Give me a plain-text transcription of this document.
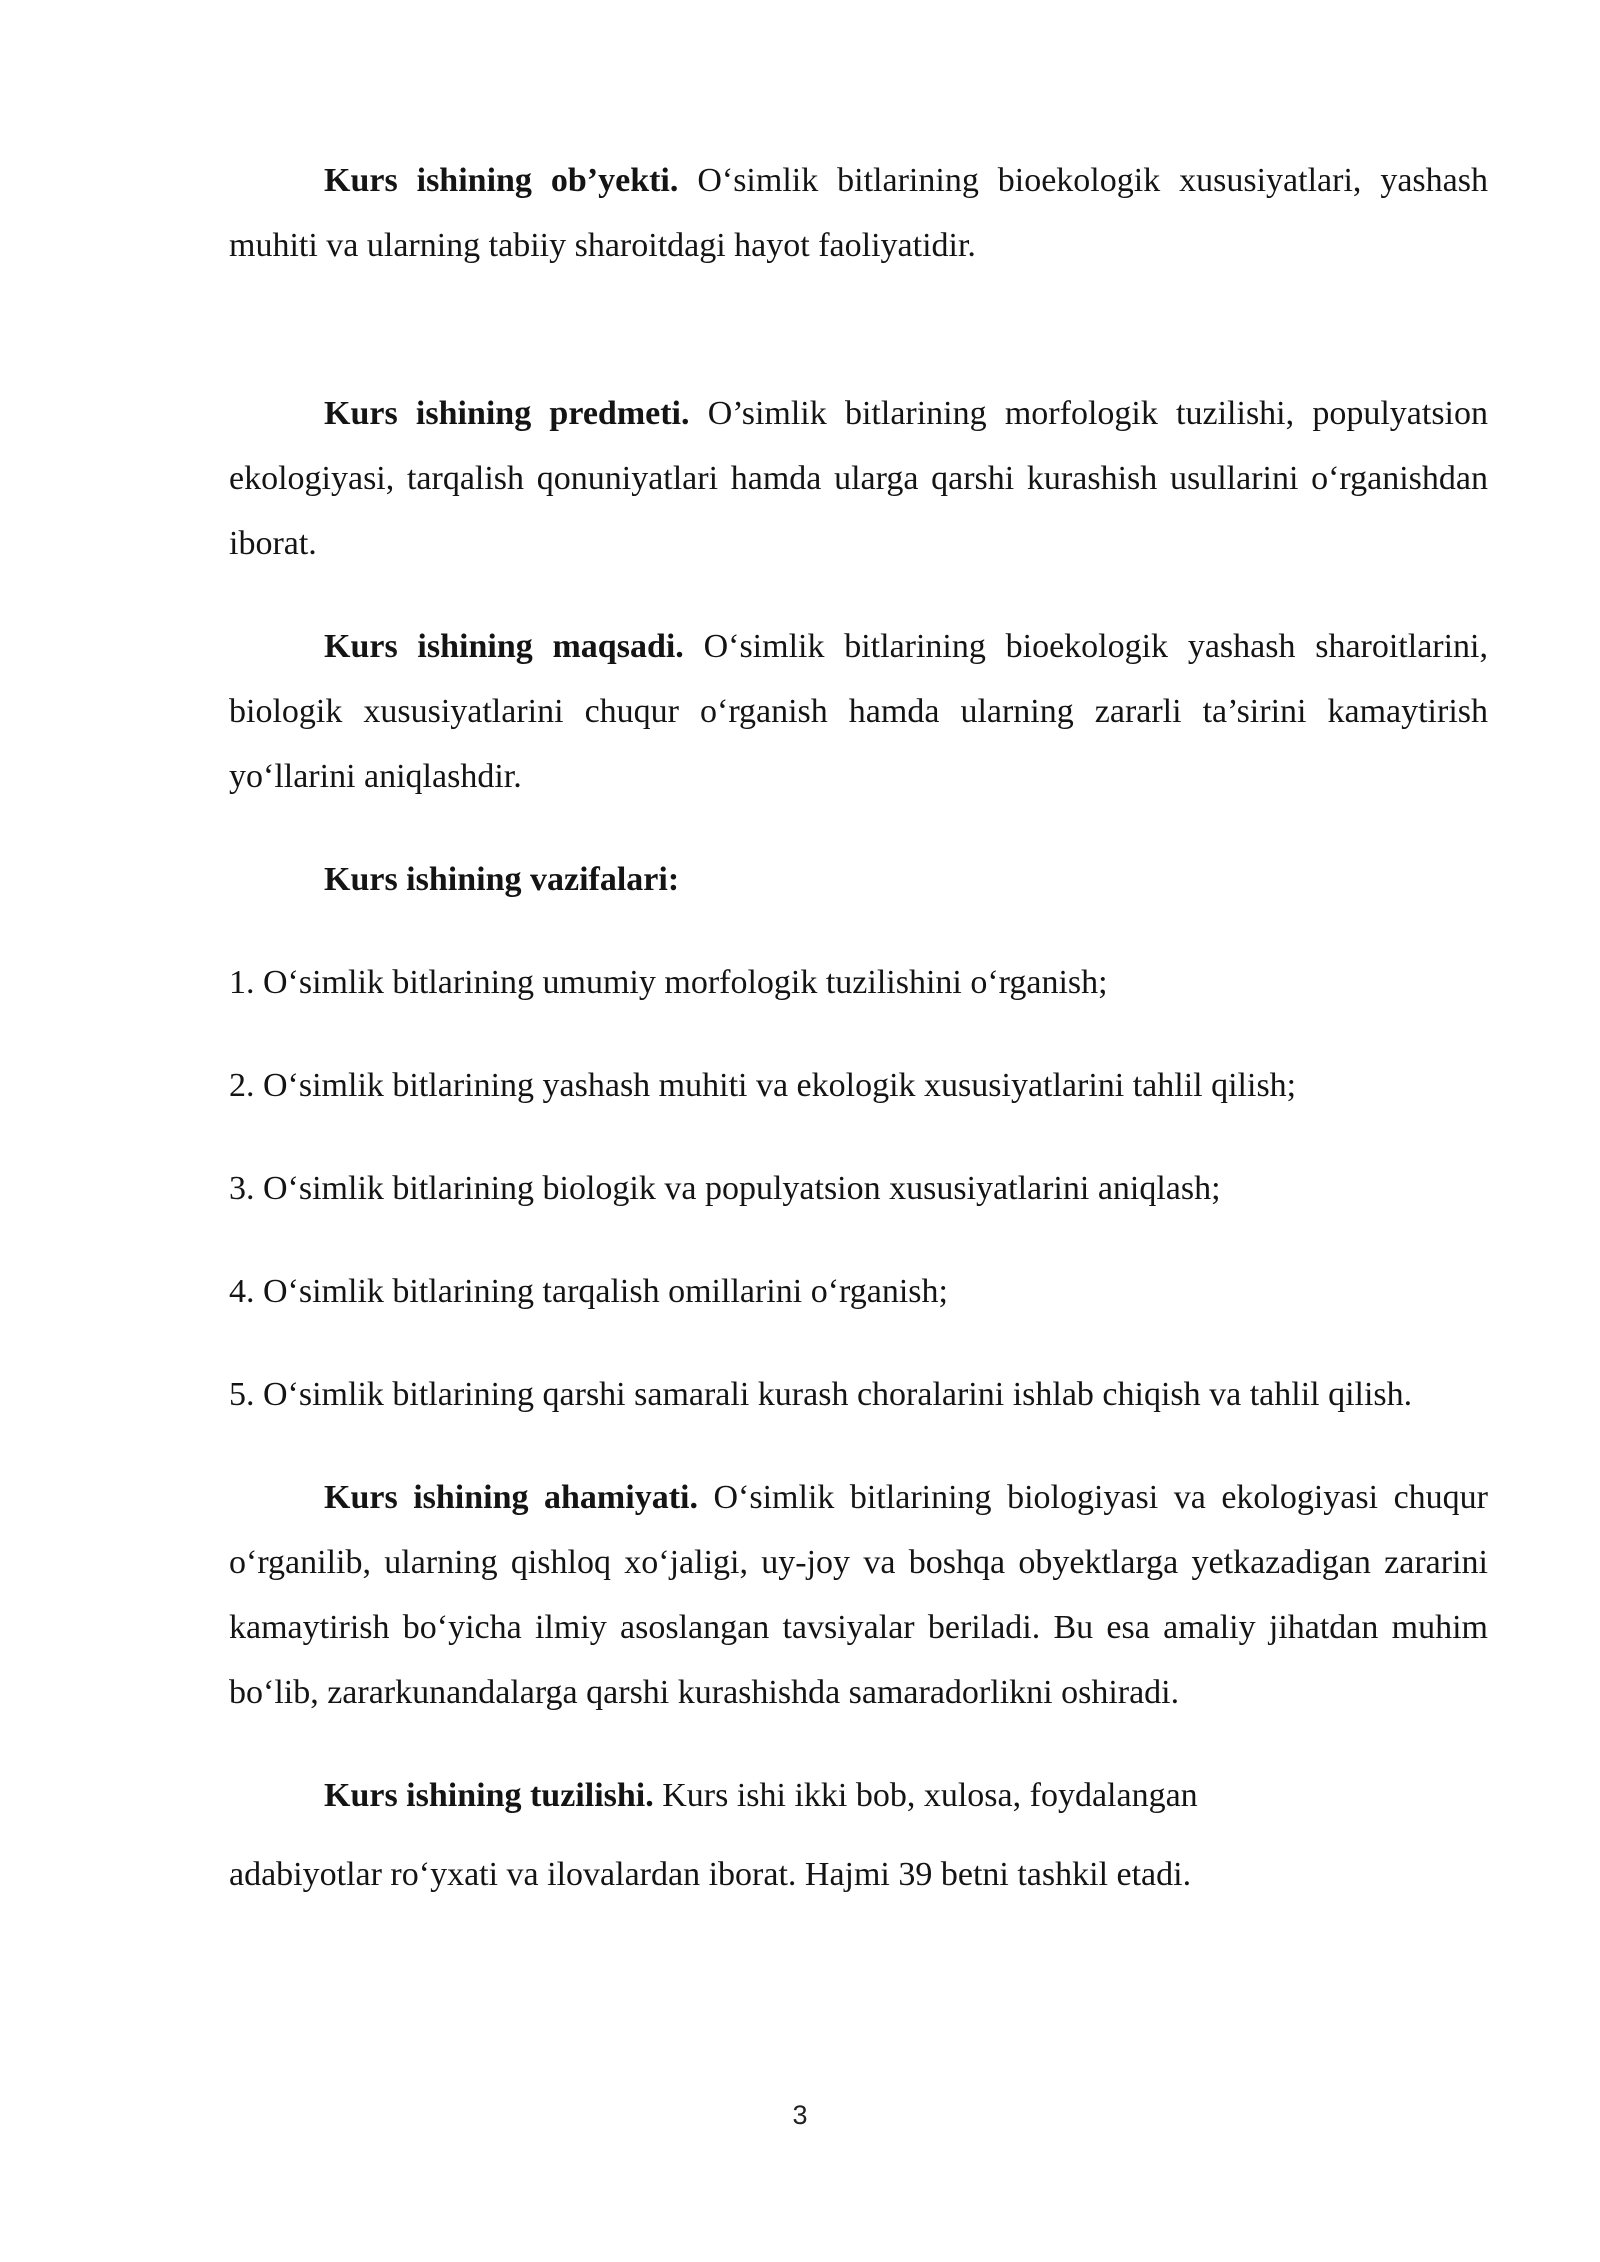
Kurs ishining ob’yekti. O‘simlik bitlarining bioekologik xususiyatlari, yashash muhiti va ularning tabiiy sharoitdagi hayot faoliyatidir.

Kurs ishining predmeti. O’simlik bitlarining morfologik tuzilishi, populyatsion ekologiyasi, tarqalish qonuniyatlari hamda ularga qarshi kurashish usullarini o‘rganishdan iborat.

Kurs ishining maqsadi. O‘simlik bitlarining bioekologik yashash sharoitlarini, biologik xususiyatlarini chuqur o‘rganish hamda ularning zararli ta’sirini kamaytirish yo‘llarini aniqlashdir.

Kurs ishining vazifalari:

1. O‘simlik bitlarining umumiy morfologik tuzilishini o‘rganish;
2. O‘simlik bitlarining yashash muhiti va ekologik xususiyatlarini tahlil qilish;
3. O‘simlik bitlarining biologik va populyatsion xususiyatlarini aniqlash;
4. O‘simlik bitlarining tarqalish omillarini o‘rganish;
5. O‘simlik bitlarining qarshi samarali kurash choralarini ishlab chiqish va tahlil qilish.

Kurs ishining ahamiyati. O‘simlik bitlarining biologiyasi va ekologiyasi chuqur o‘rganilib, ularning qishloq xo‘jaligi, uy-joy va boshqa obyektlarga yetkazadigan zararini kamaytirish bo‘yicha ilmiy asoslangan tavsiyalar beriladi. Bu esa amaliy jihatdan muhim bo‘lib, zararkunandalarga qarshi kurashishda samaradorlikni oshiradi.

Kurs ishining tuzilishi. Kurs ishi ikki bob, xulosa, foydalangan

adabiyotlar ro‘yxati va ilovalardan iborat. Hajmi 39 betni tashkil etadi.

3
